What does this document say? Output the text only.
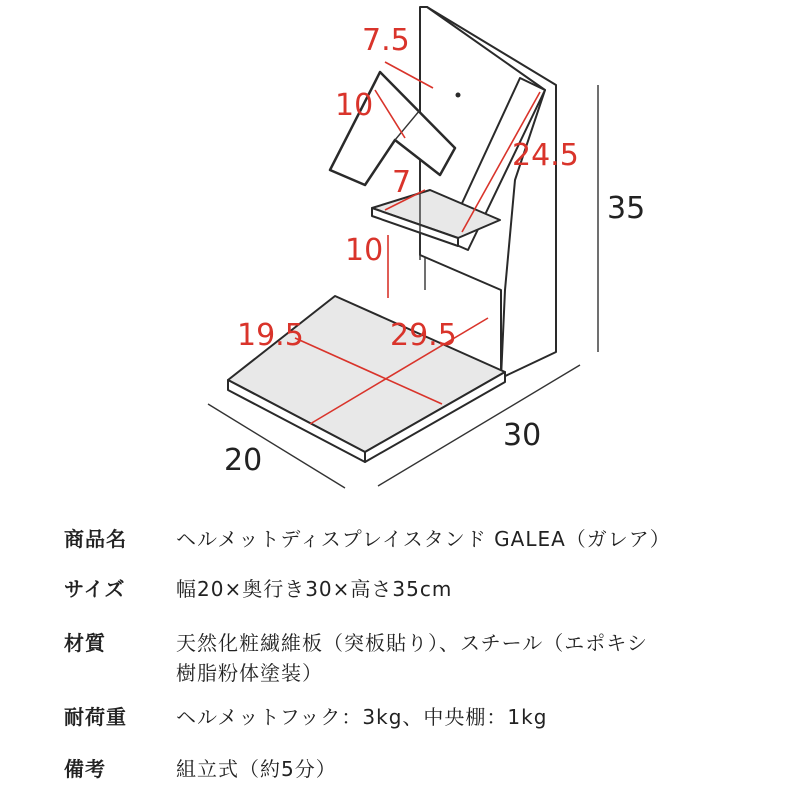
7.5
10
24.5
7
10
19.5	29.5
35
30
20
商品名	ヘルメットディスプレイスタンド GALEA（ガレア）
サイズ	幅20×奥行き30×高さ35cm
材質	天然化粧繊維板（突板貼り）、スチール（エポキシ
樹脂粉体塗装）
耐荷重	ヘルメットフック：3kg、中央棚：1kg
備考	組立式（約5分）
